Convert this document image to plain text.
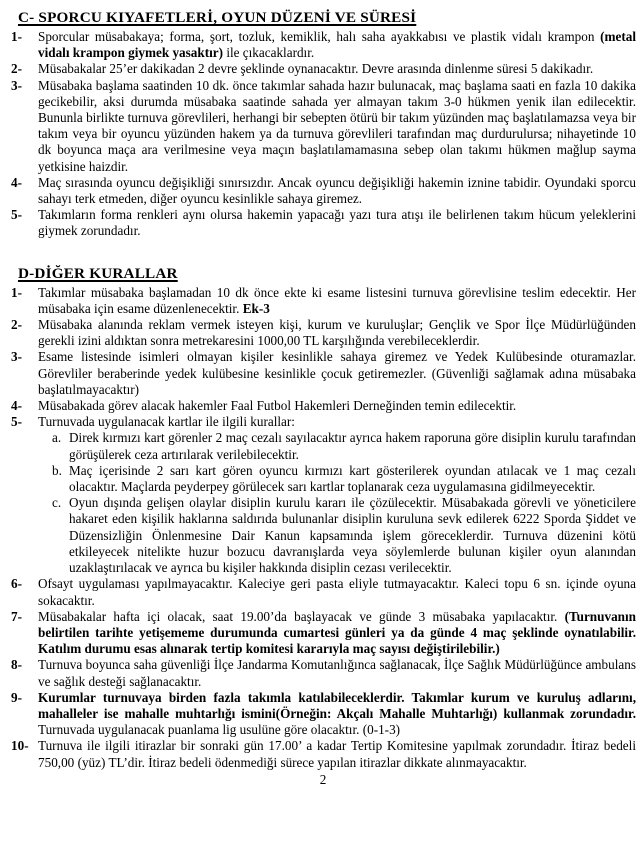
C- SPORCU KIYAFETLERİ, OYUN DÜZENİ VE SÜRESİ
1- Sporcular müsabakaya; forma, şort, tozluk, kemiklik, halı saha ayakkabısı ve plastik vidalı krampon (metal vidalı krampon giymek yasaktır) ile çıkacaklardır.
2- Müsabakalar 25’er dakikadan 2 devre şeklinde oynanacaktır. Devre arasında dinlenme süresi 5 dakikadır.
3- Müsabaka başlama saatinden 10 dk. önce takımlar sahada hazır bulunacak, maç başlama saati en fazla 10 dakika gecikebilir, aksi durumda müsabaka saatinde sahada yer almayan takım 3-0 hükmen yenik ilan edilecektir. Bununla birlikte turnuva görevlileri, herhangi bir sebepten ötürü bir takım yüzünden maç başlatılamazsa veya bir takım veya bir oyuncu yüzünden hakem ya da turnuva görevlileri tarafından maç durdurulursa; nihayetinde 10 dk boyunca maça ara verilmesine veya maçın başlatılamamasına sebep olan takımı hükmen mağlup sayma yetkisine haizdir.
4- Maç sırasında oyuncu değişikliği sınırsızdır. Ancak oyuncu değişikliği hakemin iznine tabidir. Oyundaki sporcu sahayı terk etmeden, diğer oyuncu kesinlikle sahaya giremez.
5- Takımların forma renkleri aynı olursa hakemin yapacağı yazı tura atışı ile belirlenen takım hücum yeleklerini giymek zorundadır.
D-DİĞER KURALLAR
1- Takımlar müsabaka başlamadan 10 dk önce ekte ki esame listesini turnuva görevlisine teslim edecektir. Her müsabaka için esame düzenlenecektir. Ek-3
2- Müsabaka alanında reklam vermek isteyen kişi, kurum ve kuruluşlar; Gençlik ve Spor İlçe Müdürlüğünden gerekli izini aldıktan sonra metrekaresini 1000,00 TL karşılığında verebileceklerdir.
3- Esame listesinde isimleri olmayan kişiler kesinlikle sahaya giremez ve Yedek Kulübesinde oturamazlar. Görevliler beraberinde yedek kulübesine kesinlikle çocuk getiremezler. (Güvenliği sağlamak adına müsabaka başlatılmayacaktır)
4- Müsabakada görev alacak hakemler Faal Futbol Hakemleri Derneğinden temin edilecektir.
5- Turnuvada uygulanacak kartlar ile ilgili kurallar:
a. Direk kırmızı kart görenler 2 maç cezalı sayılacaktır ayrıca hakem raporuna göre disiplin kurulu tarafından görüşülerek ceza artırılarak verilebilecektir.
b. Maç içerisinde 2 sarı kart gören oyuncu kırmızı kart gösterilerek oyundan atılacak ve 1 maç cezalı olacaktır. Maçlarda peyderpey görülecek sarı kartlar toplanarak ceza uygulamasına gidilmeyecektir.
c. Oyun dışında gelişen olaylar disiplin kurulu kararı ile çözülecektir. Müsabakada görevli ve yöneticilere hakaret eden kişilik haklarına saldırıda bulunanlar disiplin kuruluna sevk edilerek 6222 Sporda Şiddet ve Düzensizliğin Önlenmesine Dair Kanun kapsamında işlem göreceklerdir. Turnuva düzenini kötü etkileyecek nitelikte huzur bozucu davranışlarda veya söylemlerde bulunan kişiler oyun alanından uzaklaştırılacak ve ayrıca bu kişiler hakkında disiplin cezası verilecektir.
6- Ofsayt uygulaması yapılmayacaktır. Kaleciye geri pasta eliyle tutmayacaktır. Kaleci topu 6 sn. içinde oyuna sokacaktır.
7- Müsabakalar hafta içi olacak, saat 19.00’da başlayacak ve günde 3 müsabaka yapılacaktır. (Turnuvanın belirtilen tarihte yetişememe durumunda cumartesi günleri ya da günde 4 maç şeklinde oynatılabilir. Katılım durumu esas alınarak tertip komitesi kararıyla maç sayısı değiştirilebilir.)
8- Turnuva boyunca saha güvenliği İlçe Jandarma Komutanlığınca sağlanacak, İlçe Sağlık Müdürlüğünce ambulans ve sağlık desteği sağlanacaktır.
9- Kurumlar turnuvaya birden fazla takımla katılabileceklerdir. Takımlar kurum ve kuruluş adlarını, mahalleler ise mahalle muhtarlığı ismini(Örneğin: Akçalı Mahalle Muhtarlığı) kullanmak zorundadır. Turnuvada uygulanacak puanlama lig usulüne göre olacaktır. (0-1-3)
10- Turnuva ile ilgili itirazlar bir sonraki gün 17.00’ a kadar Tertip Komitesine yapılmak zorundadır. İtiraz bedeli 750,00 (yüz) TL’dir. İtiraz bedeli ödenmediği sürece yapılan itirazlar dikkate alınmayacaktır.
2
